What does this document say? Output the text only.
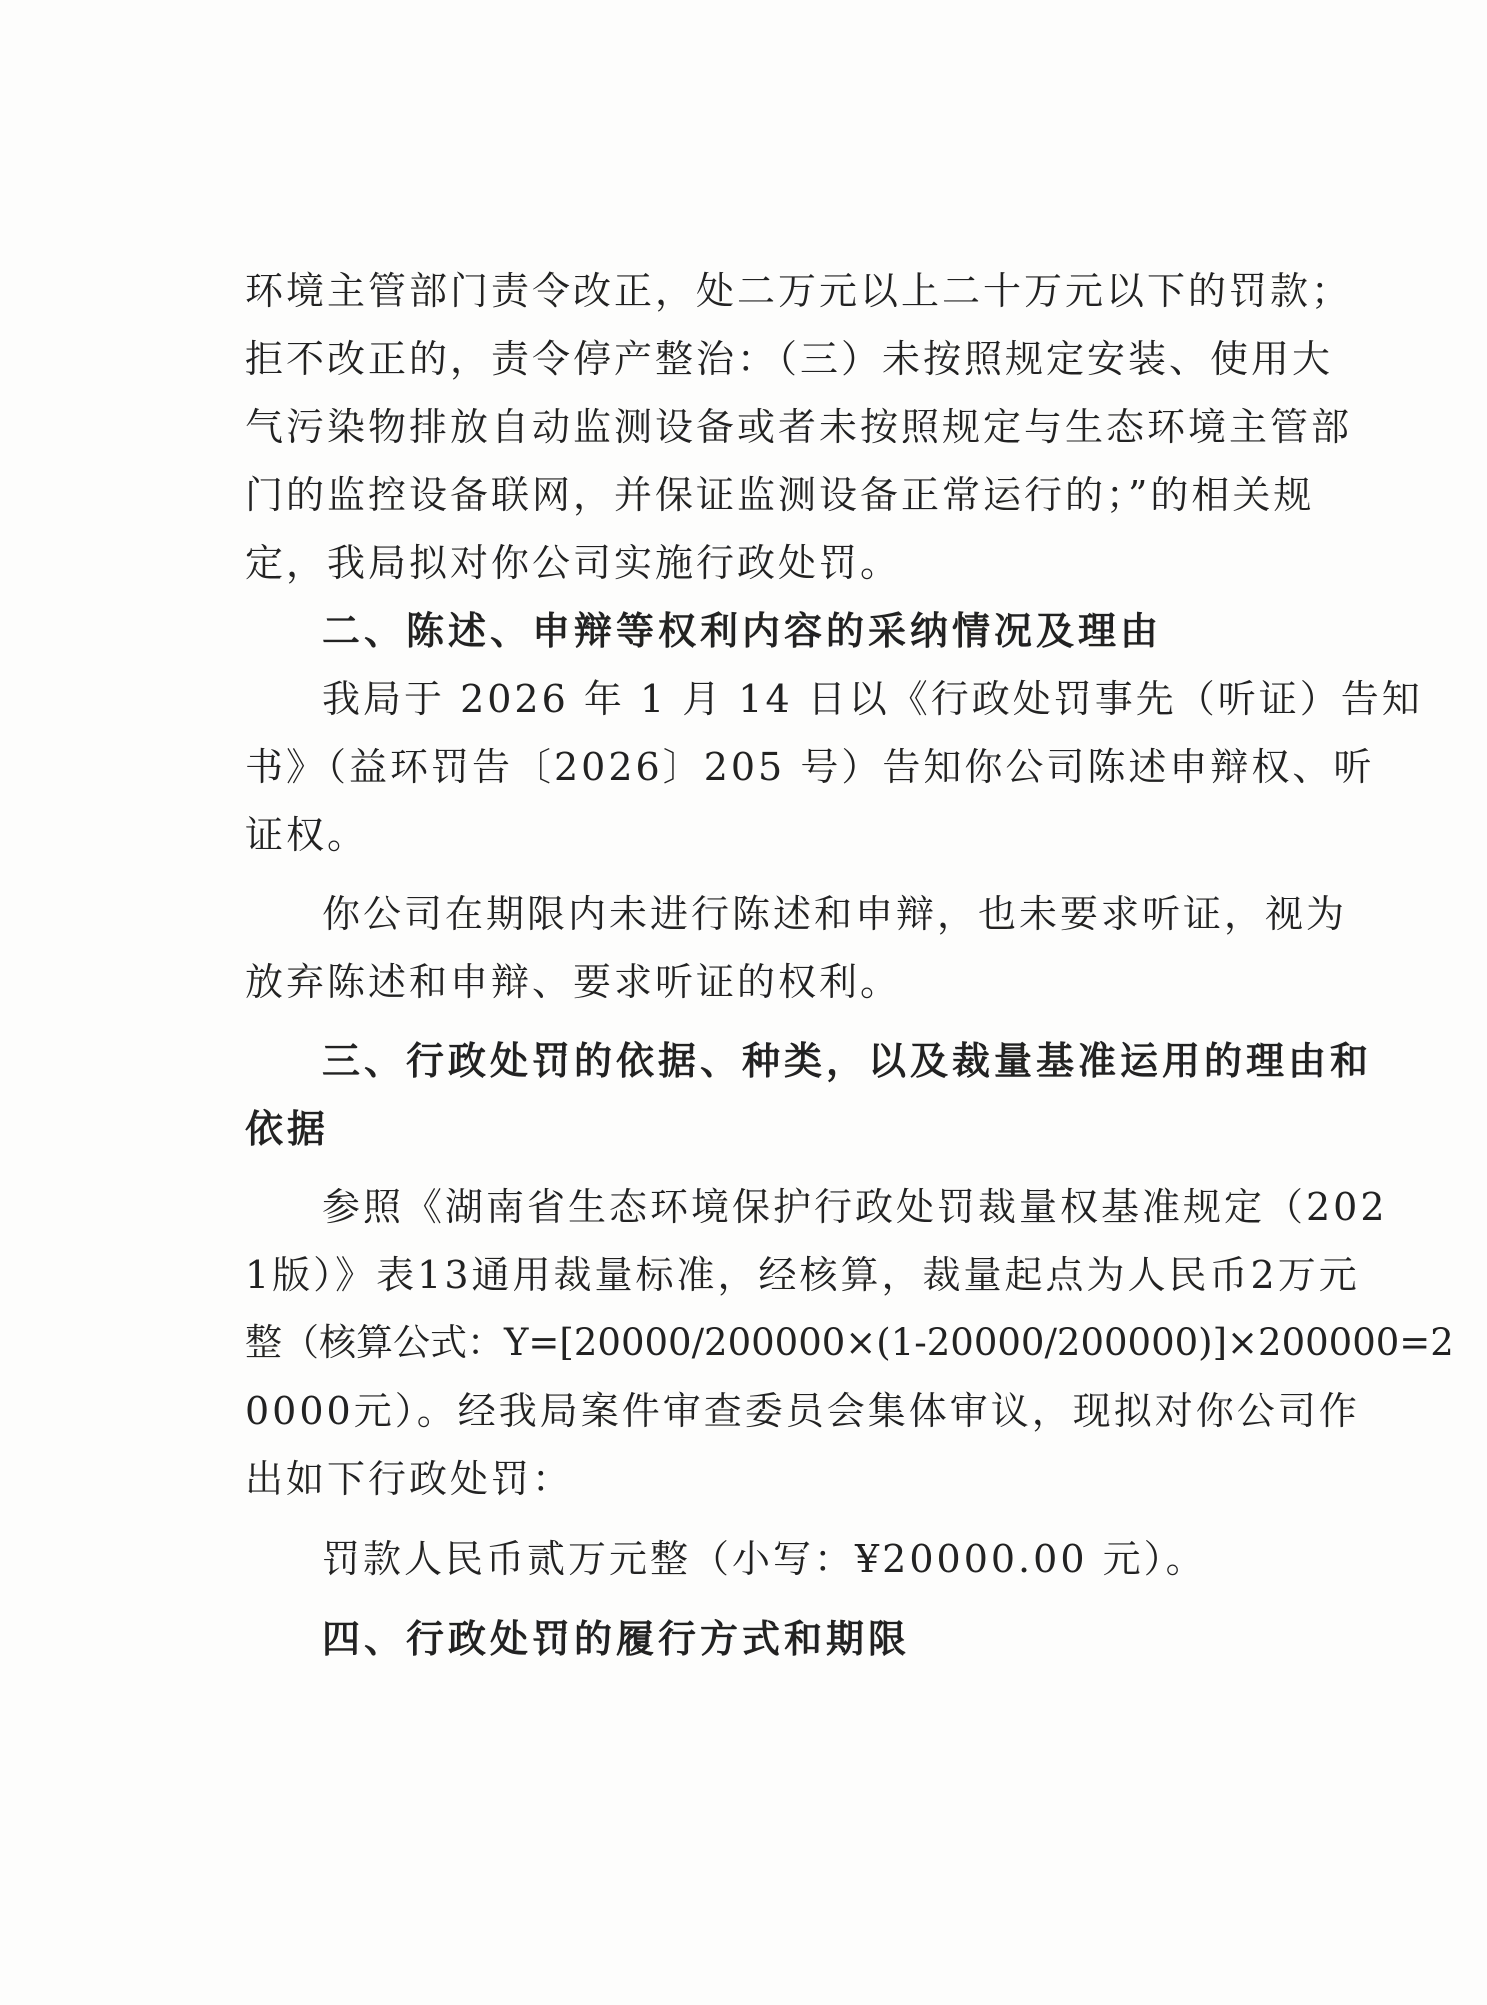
环境主管部门责令改正，处二万元以上二十万元以下的罚款；
拒不改正的，责令停产整治：（三）未按照规定安装、使用大
气污染物排放自动监测设备或者未按照规定与生态环境主管部
门的监控设备联网，并保证监测设备正常运行的；”的相关规
定，我局拟对你公司实施行政处罚。
二、陈述、申辩等权利内容的采纳情况及理由
我局于 2026 年 1 月 14 日以《行政处罚事先（听证）告知
书》（益环罚告〔2026〕205 号）告知你公司陈述申辩权、听
证权。
你公司在期限内未进行陈述和申辩，也未要求听证，视为
放弃陈述和申辩、要求听证的权利。
三、行政处罚的依据、种类，以及裁量基准运用的理由和
依据
参照《湖南省生态环境保护行政处罚裁量权基准规定（202
1版）》表13通用裁量标准，经核算，裁量起点为人民币2万元
整（核算公式：Y=[20000/200000×(1-20000/200000)]×200000=2
0000元）。经我局案件审查委员会集体审议，现拟对你公司作
出如下行政处罚：
罚款人民币贰万元整（小写：¥20000.00 元）。
四、行政处罚的履行方式和期限
